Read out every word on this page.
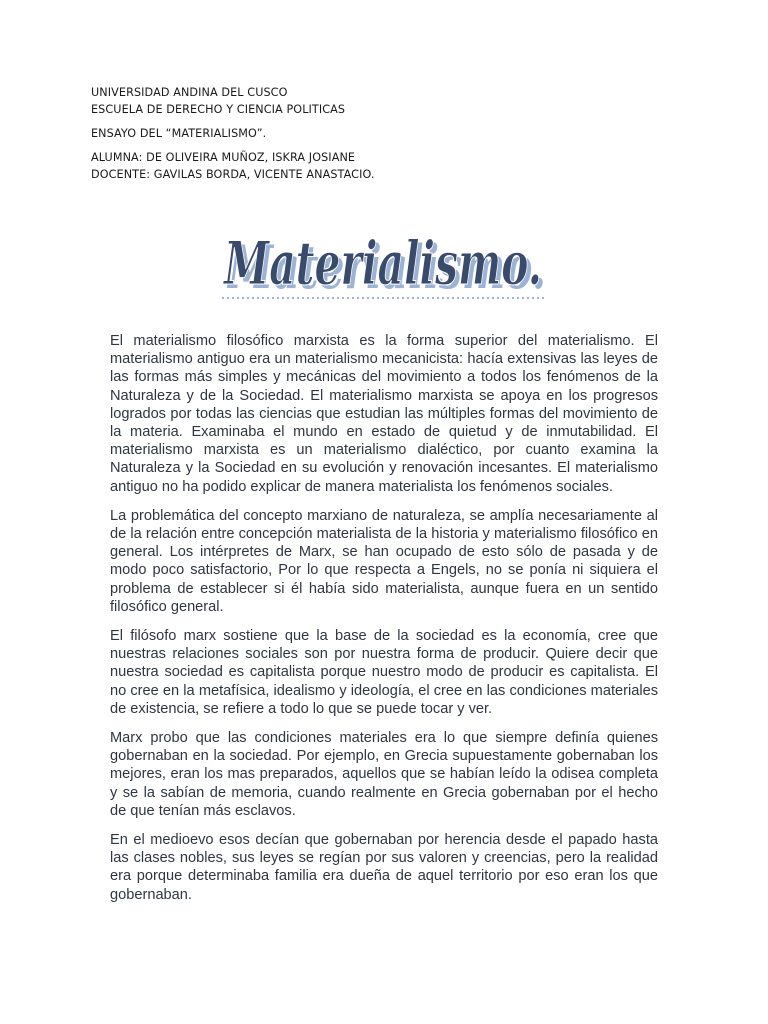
UNIVERSIDAD ANDINA DEL CUSCO
ESCUELA DE DERECHO Y CIENCIA POLITICAS
ENSAYO DEL “MATERIALISMO”.
ALUMNA: DE OLIVEIRA MUÑOZ, ISKRA JOSIANE
DOCENTE: GAVILAS BORDA, VICENTE ANASTACIO.
Materialismo.
Materialismo.

El materialismo filosófico marxista es la forma superior del materialismo. El materialismo antiguo era un materialismo mecanicista: hacía extensivas las leyes de las formas más simples y mecánicas del movimiento a todos los fenómenos de la Naturaleza y de la Sociedad. El materialismo marxista se apoya en los progresos logrados por todas las ciencias que estudian las múltiples formas del movimiento de la materia. Examinaba el mundo en estado de quietud y de inmutabilidad. El materialismo marxista es un materialismo dialéctico, por cuanto examina la Naturaleza y la Sociedad en su evolución y renovación incesantes. El materialismo antiguo no ha podido explicar de manera materialista los fenómenos sociales.

La problemática del concepto marxiano de naturaleza, se amplía necesariamente al de la relación entre concepción materialista de la historia y materialismo filosófico en general. Los intérpretes de Marx, se han ocupado de esto sólo de pasada y de modo poco satisfactorio, Por lo que respecta a Engels, no se ponía ni siquiera el problema de establecer si él había sido materialista, aunque fuera en un sentido filosófico general.

El filósofo marx sostiene que la base de la sociedad es la economía, cree que nuestras relaciones sociales son por nuestra forma de producir. Quiere decir que nuestra sociedad es capitalista porque nuestro modo de producir es capitalista. El no cree en la metafísica, idealismo y ideología, el cree en las condiciones materiales de existencia, se refiere a todo lo que se puede tocar y ver.

Marx probo que las condiciones materiales era lo que siempre definía quienes gobernaban en la sociedad. Por ejemplo, en Grecia supuestamente gobernaban los mejores, eran los mas preparados, aquellos que se habían leído la odisea completa y se la sabían de memoria, cuando realmente en Grecia gobernaban por el hecho de que tenían más esclavos.

En el medioevo esos decían que gobernaban por herencia desde el papado hasta las clases nobles, sus leyes se regían por sus valoren y creencias, pero la realidad era porque determinaba familia era dueña de aquel territorio por eso eran los que gobernaban.
